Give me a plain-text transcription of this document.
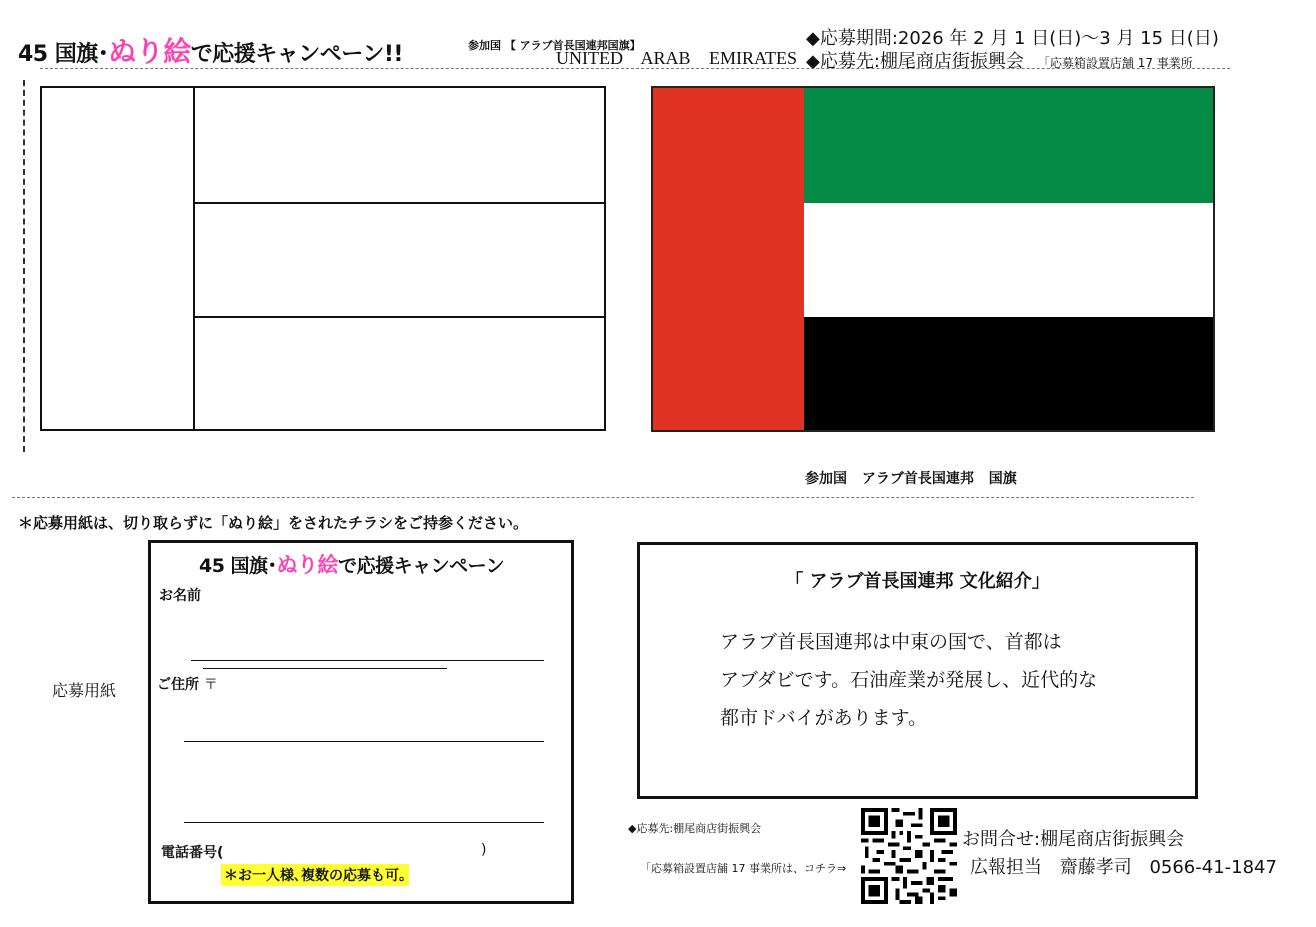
45 国旗･ぬり絵で応援キャンペーン!!	参加国 【 アラブ首長国連邦国旗】
UNITED ARAB EMIRATES
◆応募期間:2026 年 2 月 1 日(日)～3 月 15 日(日)
◆応募先:棚尾商店街振興会 「応募箱設置店舗 17 事業所
参加国 アラブ首長国連邦 国旗
＊応募用紙は、切り取らずに「ぬり絵」をされたチラシをご持参ください。
応募用紙
45 国旗･ぬり絵で応援キャンペーン
お名前
ご住所 〒
電話番号(	)
＊お一人様､複数の応募も可｡
「 アラブ首長国連邦 文化紹介」
アラブ首長国連邦は中東の国で、首都は
アブダビです。石油産業が発展し、近代的な
都市ドバイがあります。
◆応募先:棚尾商店街振興会
「応募箱設置店舗 17 事業所は、コチラ⇒
お問合せ:棚尾商店街振興会
広報担当 齋藤孝司 0566-41-1847
